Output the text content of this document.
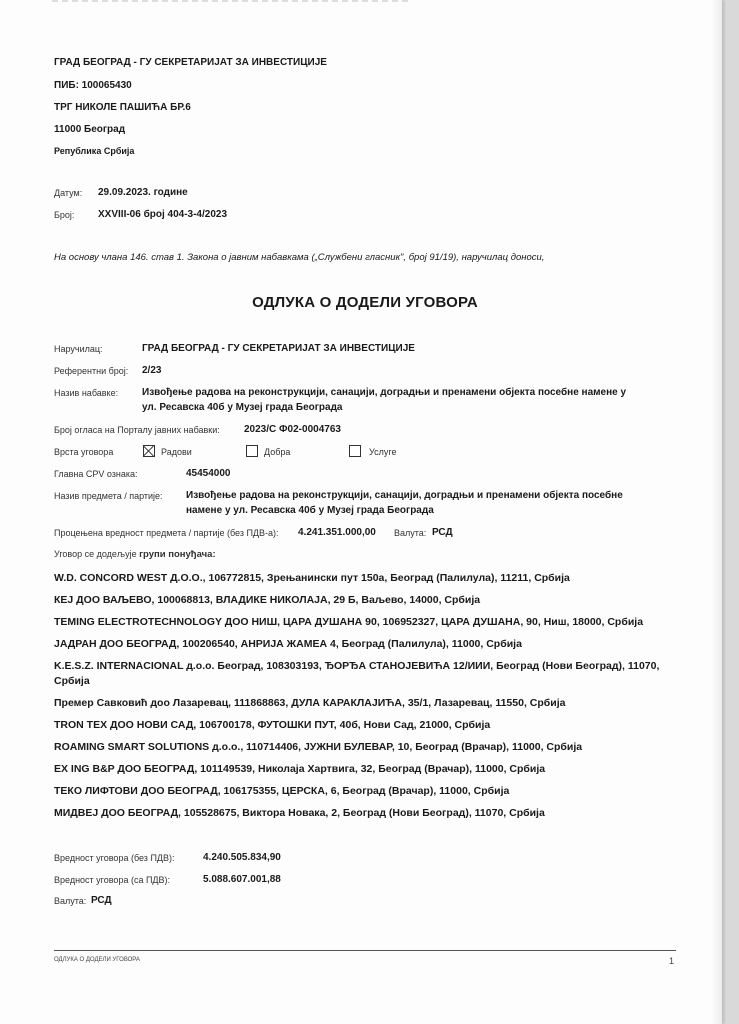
ГРАД БЕОГРАД - ГУ СЕКРЕТАРИЈАТ ЗА ИНВЕСТИЦИЈЕ
ПИБ: 100065430
ТРГ НИКОЛЕ ПАШИЋА БР.6
11000 Београд
Република Србија
Датум: 29.09.2023. године
Број: XXVIII-06 број 404-3-4/2023
На основу члана 146. став 1. Закона о јавним набавкама („Службени гласник", број 91/19), наручилац доноси,
ОДЛУКА О ДОДЕЛИ УГОВОРА
Наручилац:	ГРАД БЕОГРАД - ГУ СЕКРЕТАРИЈАТ ЗА ИНВЕСТИЦИЈЕ
Референтни број: 2/23
Назив набавке: Извођење радова на реконструкцији, санацији, доградњи и пренамени објекта посебне намене у
ул. Ресавска 40б у Музеј града Београда
Број огласа на Порталу јавних набавки: 2023/С Ф02-0004763
Врста уговора	Радови	Добра	Услуге
Главна CPV ознака:	45454000
Назив предмета / партије: Извођење радова на реконструкцији, санацији, доградњи и пренамени објекта посебне
намене у ул. Ресавска 40б у Музеј града Београда
Процењена вредност предмета / партије (без ПДВ-а): 4.241.351.000,00 Валута: РСД
Уговор се додељује групи понуђача:
W.D. CONCORD WEST Д.О.О., 106772815, Зрењанински пут 150а, Београд (Палилула), 11211, Србија
КЕЈ ДОО ВАЉЕВО, 100068813, ВЛАДИКЕ НИКОЛАЈА, 29 Б, Ваљево, 14000, Србија
TEMING ELECTROTECHNOLOGY ДОО НИШ, ЦАРА ДУШАНА 90, 106952327, ЦАРА ДУШАНА, 90, Ниш, 18000, Србија
ЈАДРАН ДОО БЕОГРАД, 100206540, АНРИЈА ЖАМЕА 4, Београд (Палилула), 11000, Србија
K.E.S.Z. INTERNACIONAL д.о.о. Београд, 108303193, ЂОРЂА СТАНОЈЕВИЋА 12/ИИИ, Београд (Нови Београд), 11070,
Србија
Премер Савковић доо Лазаревац, 111868863, ДУЛА КАРАКЛАЈИЋА, 35/1, Лазаревац, 11550, Србија
TRON TEX ДОО НОВИ САД, 106700178, ФУТОШКИ ПУТ, 40б, Нови Сад, 21000, Србија
ROAMING SMART SOLUTIONS д.о.о., 110714406, ЈУЖНИ БУЛЕВАР, 10, Београд (Врачар), 11000, Србија
EX ING B&P ДОО БЕОГРАД, 101149539, Николаја Хартвига, 32, Београд (Врачар), 11000, Србија
ТЕКО ЛИФТОВИ ДОО БЕОГРАД, 106175355, ЦЕРСКА, 6, Београд (Врачар), 11000, Србија
МИДВЕЈ ДОО БЕОГРАД, 105528675, Виктора Новака, 2, Београд (Нови Београд), 11070, Србија
Вредност уговора (без ПДВ):	4.240.505.834,90
Вредност уговора (са ПДВ):	5.088.607.001,88
Валута: РСД
ОДЛУКА О ДОДЕЛИ УГОВОРА	1
